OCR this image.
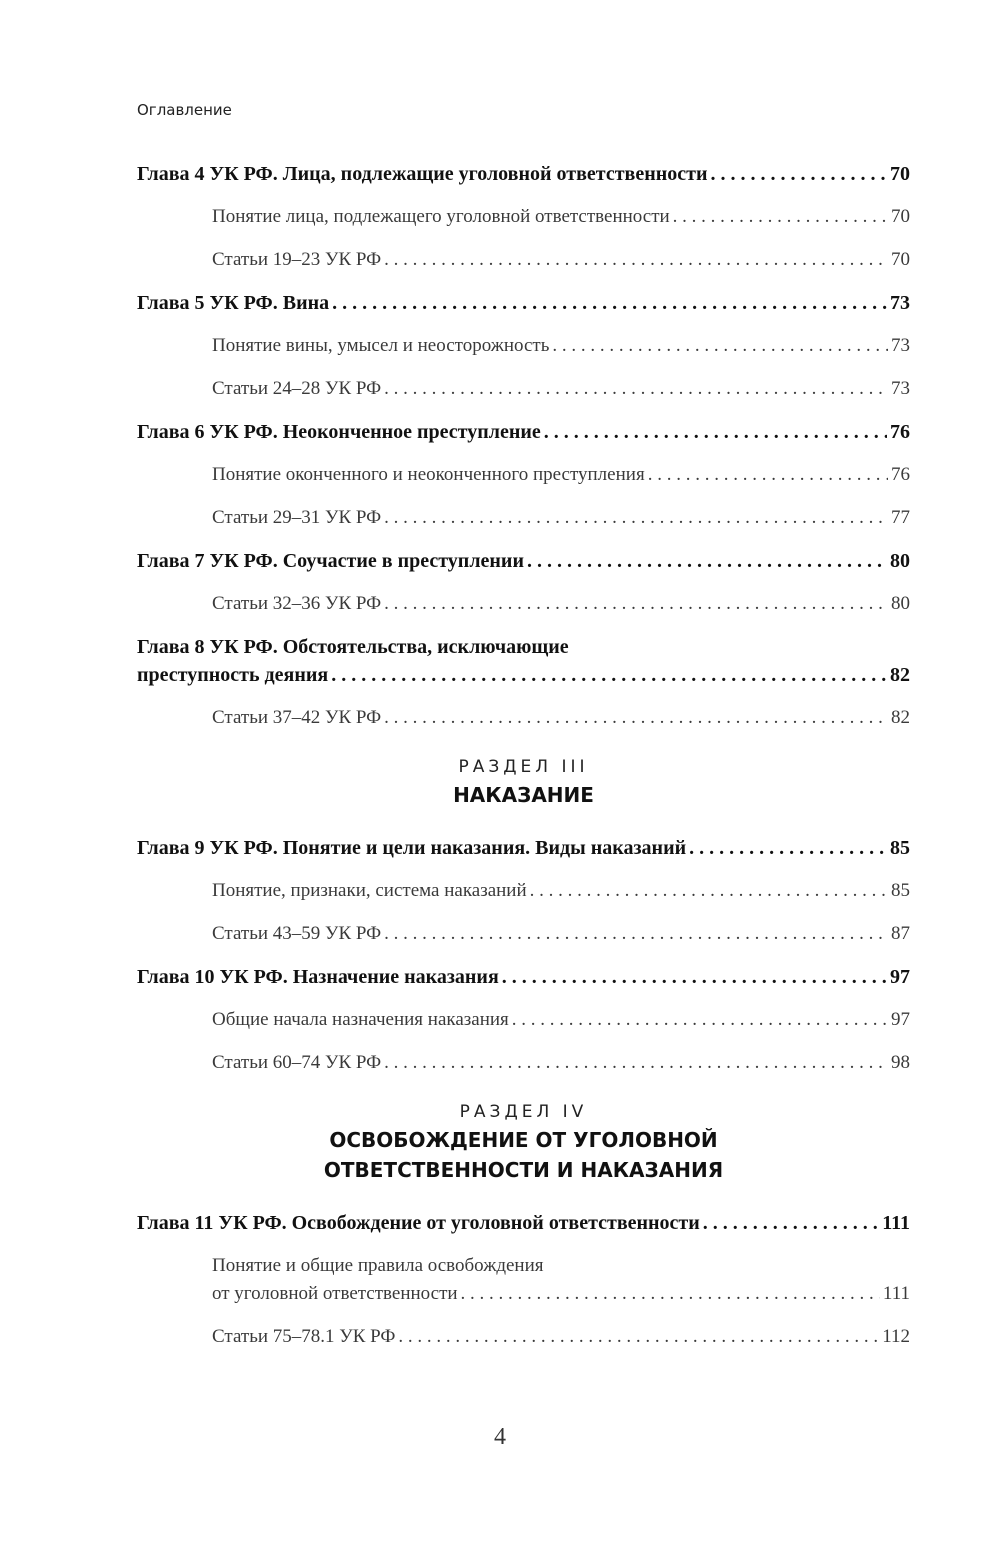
Оглавление
Глава 4 УК РФ. Лица, подлежащие уголовной ответственности . . .	70
Понятие лица, подлежащего уголовной ответственности . . .	70
Статьи 19–23 УК РФ . . .	70
Глава 5 УК РФ. Вина . . .	73
Понятие вины, умысел и неосторожность . . .	73
Статьи 24–28 УК РФ . . .	73
Глава 6 УК РФ. Неоконченное преступление . . .	76
Понятие оконченного и неоконченного преступления . . .	76
Статьи 29–31 УК РФ . . .	77
Глава 7 УК РФ. Соучастие в преступлении . . .	80
Статьи 32–36 УК РФ . . .	80
Глава 8 УК РФ. Обстоятельства, исключающие
преступность деяния . . .	82
Статьи 37–42 УК РФ . . .	82
РАЗДЕЛ III
НАКАЗАНИЕ
Глава 9 УК РФ. Понятие и цели наказания. Виды наказаний . . .	85
Понятие, признаки, система наказаний . . .	85
Статьи 43–59 УК РФ . . .	87
Глава 10 УК РФ. Назначение наказания . . .	97
Общие начала назначения наказания . . .	97
Статьи 60–74 УК РФ . . .	98
РАЗДЕЛ IV
ОСВОБОЖДЕНИЕ ОТ УГОЛОВНОЙ
ОТВЕТСТВЕННОСТИ И НАКАЗАНИЯ
Глава 11 УК РФ. Освобождение от уголовной ответственности . . .	111
Понятие и общие правила освобождения
от уголовной ответственности . . .	111
Статьи 75–78.1 УК РФ . . .	112
4
